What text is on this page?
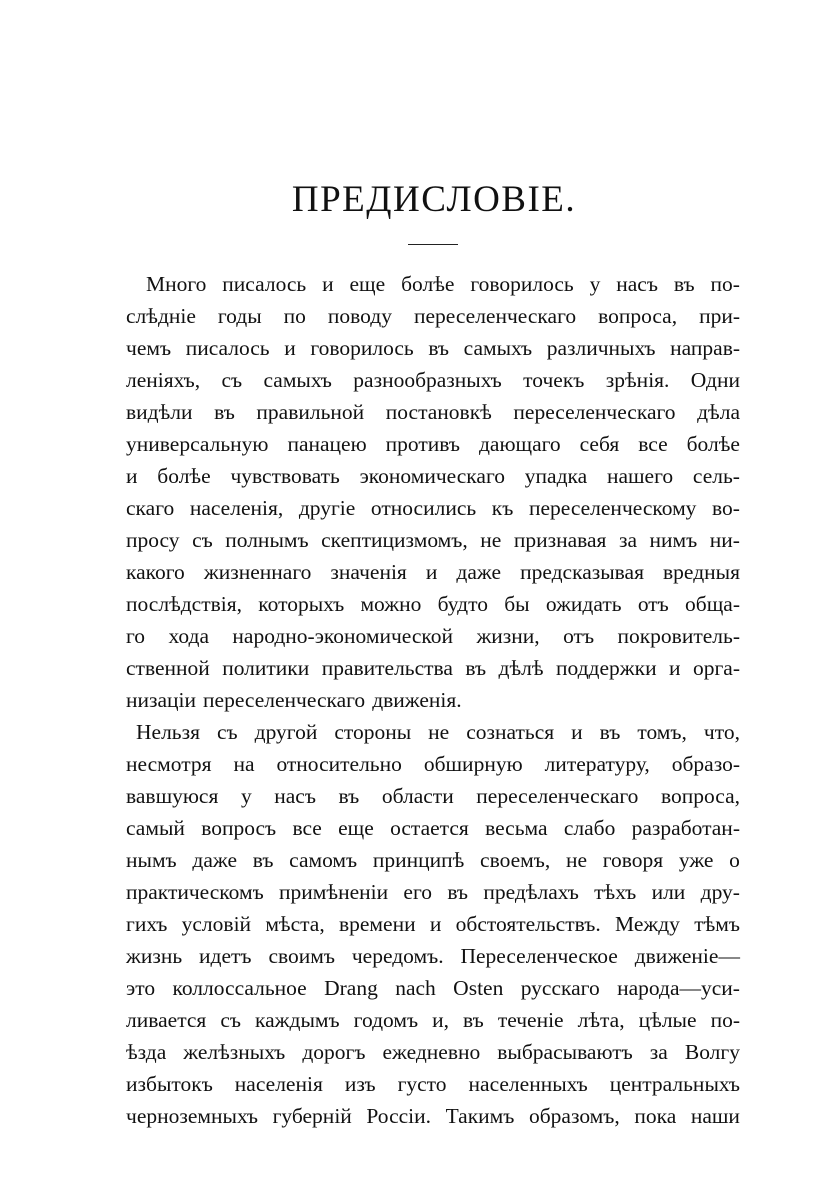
ПРЕДИСЛОВІЕ.
Много писалось и еще болѣе говорилось у насъ въ по-
слѣдніе годы по поводу переселенческаго вопроса, при-
чемъ писалось и говорилось въ самыхъ различныхъ направ-
леніяхъ, съ самыхъ разнообразныхъ точекъ зрѣнія. Одни
видѣли въ правильной постановкѣ переселенческаго дѣла
универсальную панацею противъ дающаго себя все болѣе
и болѣе чувствовать экономическаго упадка нашего сель-
скаго населенія, другіе относились къ переселенческому во-
просу съ полнымъ скептицизмомъ, не признавая за нимъ ни-
какого жизненнаго значенія и даже предсказывая вредныя
послѣдствія, которыхъ можно будто бы ожидать отъ обща-
го хода народно-экономической жизни, отъ покровитель-
ственной политики правительства въ дѣлѣ поддержки и орга-
низаціи переселенческаго движенія.
Нельзя съ другой стороны не сознаться и въ томъ, что,
несмотря на относительно обширную литературу, образо-
вавшуюся у насъ въ области переселенческаго вопроса,
самый вопросъ все еще остается весьма слабо разработан-
нымъ даже въ самомъ принципѣ своемъ, не говоря уже о
практическомъ примѣненіи его въ предѣлахъ тѣхъ или дру-
гихъ условій мѣста, времени и обстоятельствъ. Между тѣмъ
жизнь идетъ своимъ чередомъ. Переселенческое движеніе—
это коллоссальное Drang nach Osten русскаго народа—уси-
ливается съ каждымъ годомъ и, въ теченіе лѣта, цѣлые по-
ѣзда желѣзныхъ дорогъ ежедневно выбрасываютъ за Волгу
избытокъ населенія изъ густо населенныхъ центральныхъ
черноземныхъ губерній Россіи. Такимъ образомъ, пока наши
